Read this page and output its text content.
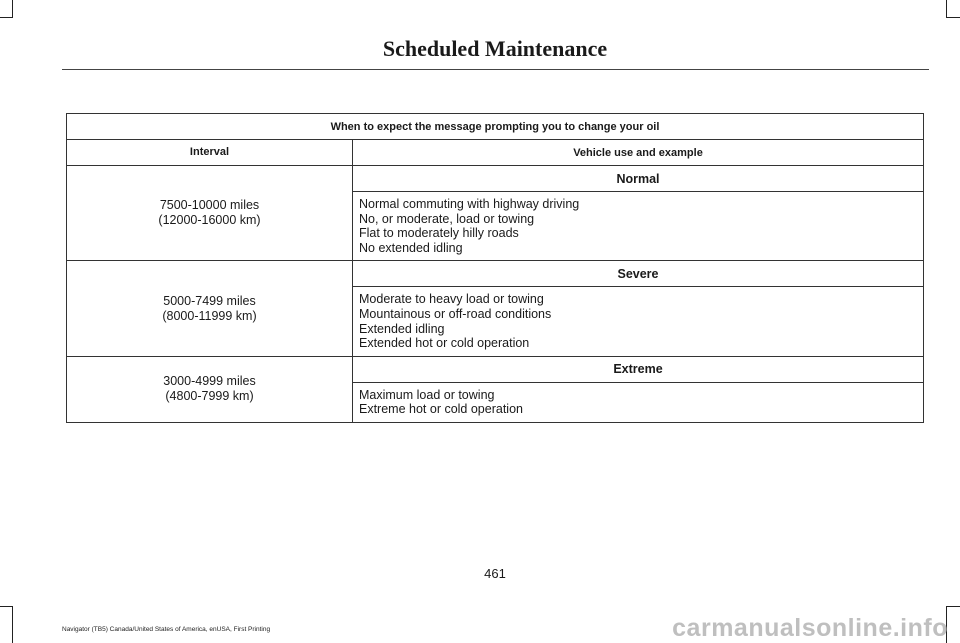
Scheduled Maintenance
When to expect the message prompting you to change your oil	
Interval	Vehicle use and example

7500-10000 miles
(12000-16000 km)	Normal

	Normal commuting with highway driving
No, or moderate, load or towing
Flat to moderately hilly roads
No extended idling

5000-7499 miles
(8000-11999 km)	Severe

	Moderate to heavy load or towing
Mountainous or off-road conditions
Extended idling
Extended hot or cold operation

3000-4999 miles
(4800-7999 km)	Extreme

	Maximum load or towing
Extreme hot or cold operation
461
Navigator (TB5) Canada/United States of America, enUSA, First Printing	carmanualsonline.info
